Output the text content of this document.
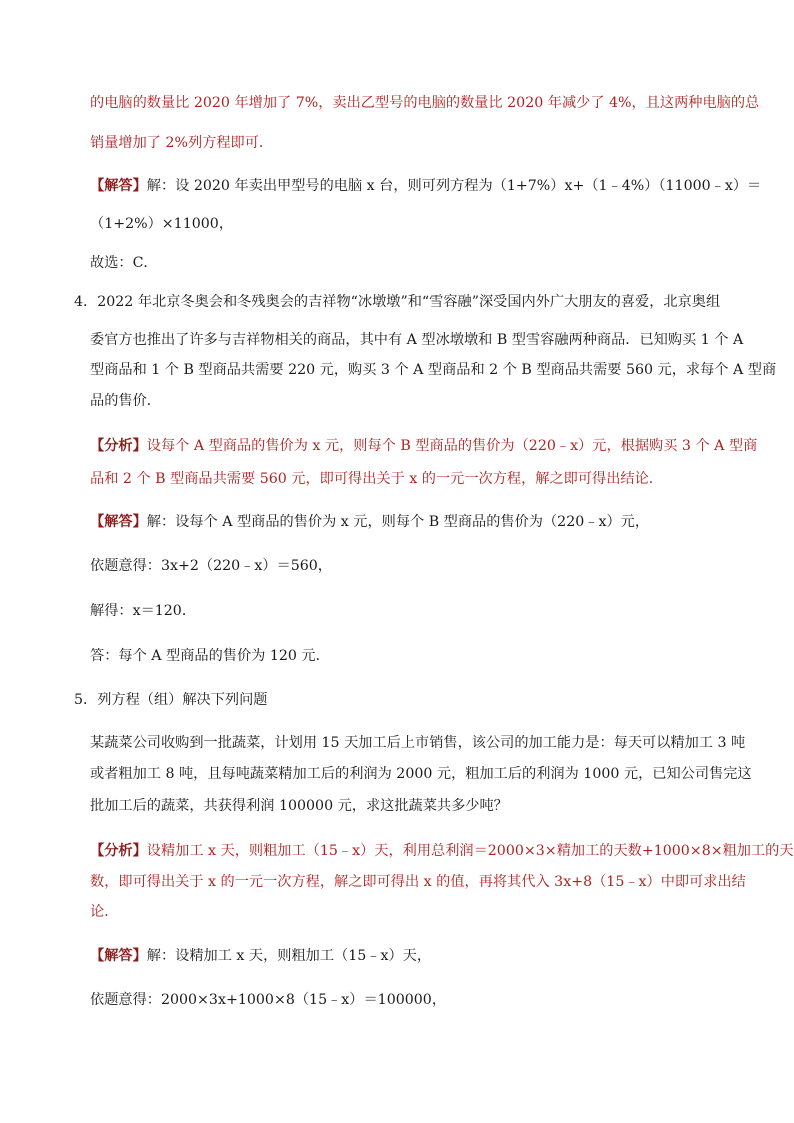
的电脑的数量比 2020 年增加了 7%，卖出乙型号的电脑的数量比 2020 年减少了 4%，且这两种电脑的总
销量增加了 2%列方程即可．
【解答】解：设 2020 年卖出甲型号的电脑 x 台，则可列方程为（1+7%）x+（1﹣4%）（11000﹣x）＝
（1+2%）×11000，
故选：C．
4．2022 年北京冬奥会和冬残奥会的吉祥物“冰墩墩”和“雪容融”深受国内外广大朋友的喜爱，北京奥组
委官方也推出了许多与吉祥物相关的商品，其中有 A 型冰墩墩和 B 型雪容融两种商品．已知购买 1 个 A
型商品和 1 个 B 型商品共需要 220 元，购买 3 个 A 型商品和 2 个 B 型商品共需要 560 元，求每个 A 型商
品的售价．
【分析】设每个 A 型商品的售价为 x 元，则每个 B 型商品的售价为（220﹣x）元，根据购买 3 个 A 型商
品和 2 个 B 型商品共需要 560 元，即可得出关于 x 的一元一次方程，解之即可得出结论．
【解答】解：设每个 A 型商品的售价为 x 元，则每个 B 型商品的售价为（220﹣x）元，
依题意得：3x+2（220﹣x）＝560，
解得：x＝120．
答：每个 A 型商品的售价为 120 元．
5．列方程（组）解决下列问题
某蔬菜公司收购到一批蔬菜，计划用 15 天加工后上市销售，该公司的加工能力是：每天可以精加工 3 吨
或者粗加工 8 吨，且每吨蔬菜精加工后的利润为 2000 元，粗加工后的利润为 1000 元，已知公司售完这
批加工后的蔬菜，共获得利润 100000 元，求这批蔬菜共多少吨？
【分析】设精加工 x 天，则粗加工（15﹣x）天，利用总利润＝2000×3×精加工的天数+1000×8×粗加工的天
数，即可得出关于 x 的一元一次方程，解之即可得出 x 的值，再将其代入 3x+8（15﹣x）中即可求出结
论．
【解答】解：设精加工 x 天，则粗加工（15﹣x）天，
依题意得：2000×3x+1000×8（15﹣x）＝100000，
